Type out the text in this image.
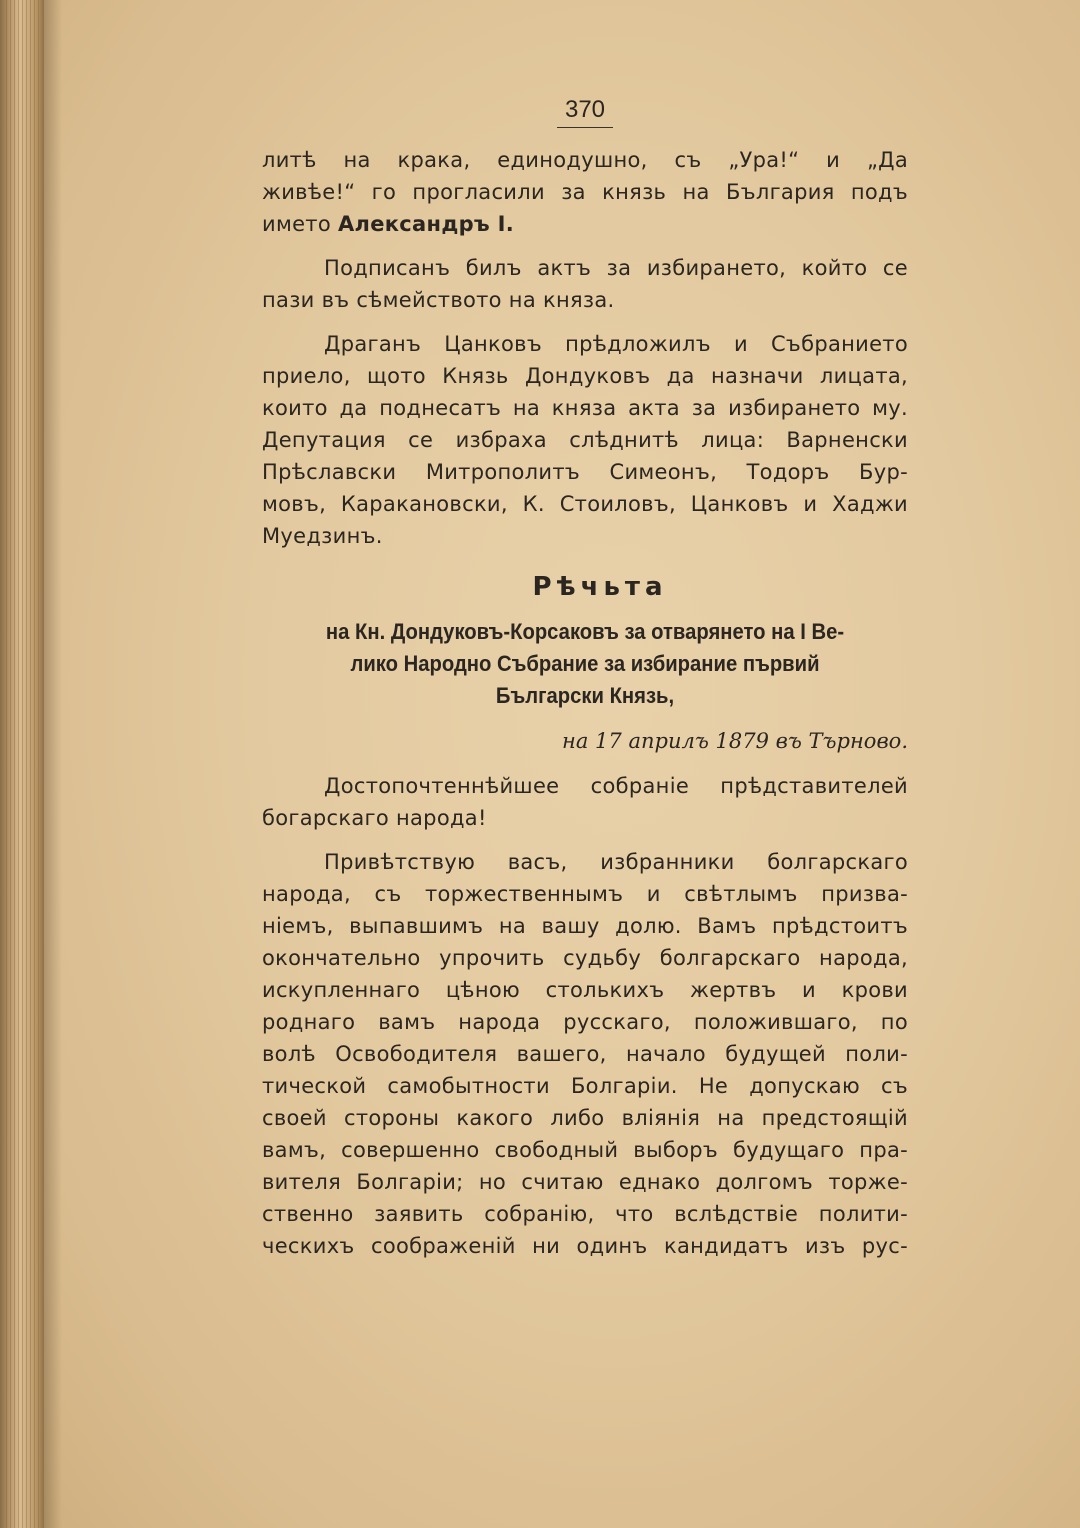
370
литѣ на крака, единодушно, съ „Ура!“ и „Да
живѣе!“ го прогласили за князь на България подъ
името Александръ I.
Подписанъ билъ актъ за избирането, който се
пази въ сѣмейството на князa.
Драганъ Цанковъ прѣдложилъ и Събранието
приело, щото Князь Дондуковъ да назначи лицата,
които да поднесатъ на князa акта за избирането му.
Депутация се избраха слѣднитѣ лица: Варненски
Прѣславски Митрополитъ Симеонъ, Тодоръ Бур-
мовъ, Каракановски, К. Стоиловъ, Цанковъ и Хаджи
Муедзинъ.
Рѣчьта
на Кн. Дондуковъ-Корсаковъ за отварянето на I Ве-
лико Народно Събрание за избирание първий
Български Князь,
на 17 априлъ 1879 въ Търново.
Достопочтеннѣйшее собраніе прѣдставителей
богарскаго народа!
Привѣтствую васъ, избранники болгарскаго
народа, съ торжественнымъ и свѣтлымъ призва-
ніемъ, выпавшимъ на вашу долю. Вамъ прѣдстоитъ
окончательно упрочить судьбу болгарскаго народа,
искупленнаго цѣною столькихъ жертвъ и крови
роднаго вамъ народа русскаго, положившаго, по
волѣ Освободителя вашего, начало будущей поли-
тической самобытности Болгаріи. Не допускаю съ
своей стороны какого либо вліянія на предстоящій
вамъ, совершенно свободный выборъ будущаго пра-
вителя Болгаріи; но считаю еднако долгомъ торже-
ственно заявить собранію, что вслѣдствіе полити-
ческихъ соображеній ни одинъ кандидатъ изъ рус-
